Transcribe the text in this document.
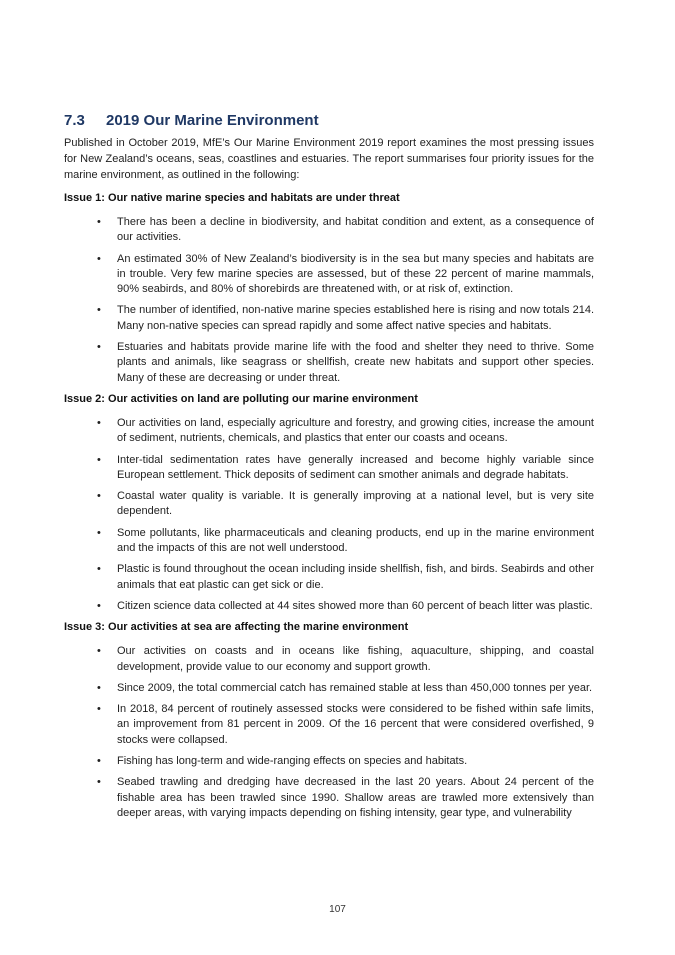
7.3	2019 Our Marine Environment

Published in October 2019, MfE’s Our Marine Environment 2019 report examines the most pressing issues for New Zealand’s oceans, seas, coastlines and estuaries. The report summarises four priority issues for the marine environment, as outlined in the following:

Issue 1: Our native marine species and habitats are under threat
• There has been a decline in biodiversity, and habitat condition and extent, as a consequence of our activities.
• An estimated 30% of New Zealand’s biodiversity is in the sea but many species and habitats are in trouble. Very few marine species are assessed, but of these 22 percent of marine mammals, 90% seabirds, and 80% of shorebirds are threatened with, or at risk of, extinction.
• The number of identified, non-native marine species established here is rising and now totals 214. Many non-native species can spread rapidly and some affect native species and habitats.
• Estuaries and habitats provide marine life with the food and shelter they need to thrive. Some plants and animals, like seagrass or shellfish, create new habitats and support other species. Many of these are decreasing or under threat.
Issue 2: Our activities on land are polluting our marine environment
• Our activities on land, especially agriculture and forestry, and growing cities, increase the amount of sediment, nutrients, chemicals, and plastics that enter our coasts and oceans.
• Inter-tidal sedimentation rates have generally increased and become highly variable since European settlement. Thick deposits of sediment can smother animals and degrade habitats.
• Coastal water quality is variable. It is generally improving at a national level, but is very site dependent.
• Some pollutants, like pharmaceuticals and cleaning products, end up in the marine environment and the impacts of this are not well understood.
• Plastic is found throughout the ocean including inside shellfish, fish, and birds. Seabirds and other animals that eat plastic can get sick or die.
• Citizen science data collected at 44 sites showed more than 60 percent of beach litter was plastic.
Issue 3: Our activities at sea are affecting the marine environment
• Our activities on coasts and in oceans like fishing, aquaculture, shipping, and coastal development, provide value to our economy and support growth.
• Since 2009, the total commercial catch has remained stable at less than 450,000 tonnes per year.
• In 2018, 84 percent of routinely assessed stocks were considered to be fished within safe limits, an improvement from 81 percent in 2009. Of the 16 percent that were considered overfished, 9 stocks were collapsed.
• Fishing has long-term and wide-ranging effects on species and habitats.
• Seabed trawling and dredging have decreased in the last 20 years. About 24 percent of the fishable area has been trawled since 1990. Shallow areas are trawled more extensively than deeper areas, with varying impacts depending on fishing intensity, gear type, and vulnerability
107
